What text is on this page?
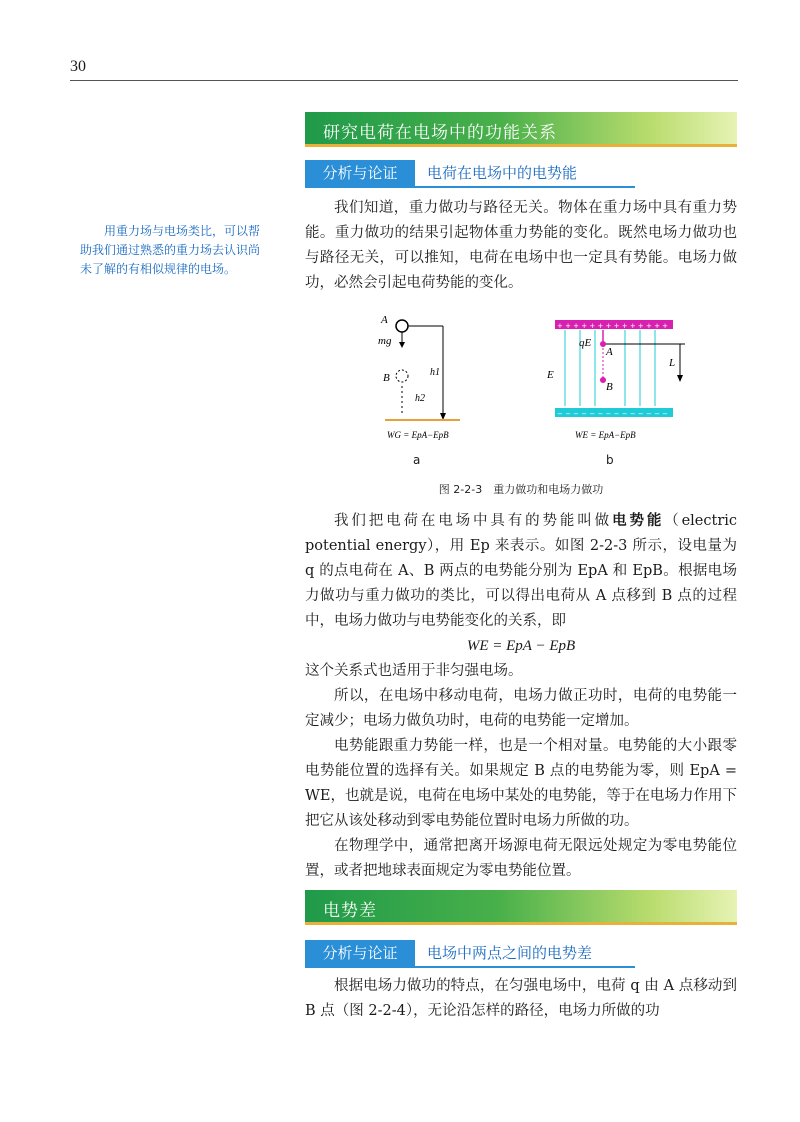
30
用重力场与电场类比，可以帮助我们通过熟悉的重力场去认识尚未了解的有相似规律的电场。
研究电荷在电场中的功能关系
分析与论证	电荷在电场中的电势能

我们知道，重力做功与路径无关。物体在重力场中具有重力势能。重力做功的结果引起物体重力势能的变化。既然电场力做功也与路径无关，可以推知，电荷在电场中也一定具有势能。电场力做功，必然会引起电荷势能的变化。

A
mg
B	h1
h2
WG = EpA−EpB
+ + + + + + + + + + + + + +
− − − − − − − − − − − − − −
qE
A
B
E
L
WE = EpA−EpB
a	b
图 2-2-3　重力做功和电场力做功

我们把电荷在电场中具有的势能叫做电势能（electric potential energy），用 Ep 来表示。如图 2-2-3 所示，设电量为 q 的点电荷在 A、B 两点的电势能分别为 EpA 和 EpB。根据电场力做功与重力做功的类比，可以得出电荷从 A 点移到 B 点的过程中，电场力做功与电势能变化的关系，即

WE = EpA − EpB

这个关系式也适用于非匀强电场。

所以，在电场中移动电荷，电场力做正功时，电荷的电势能一定减少；电场力做负功时，电荷的电势能一定增加。

电势能跟重力势能一样，也是一个相对量。电势能的大小跟零电势能位置的选择有关。如果规定 B 点的电势能为零，则 EpA = WE，也就是说，电荷在电场中某处的电势能，等于在电场力作用下把它从该处移动到零电势能位置时电场力所做的功。

在物理学中，通常把离开场源电荷无限远处规定为零电势能位置，或者把地球表面规定为零电势能位置。

电势差
分析与论证	电场中两点之间的电势差

根据电场力做功的特点，在匀强电场中，电荷 q 由 A 点移动到 B 点（图 2-2-4），无论沿怎样的路径，电场力所做的功
